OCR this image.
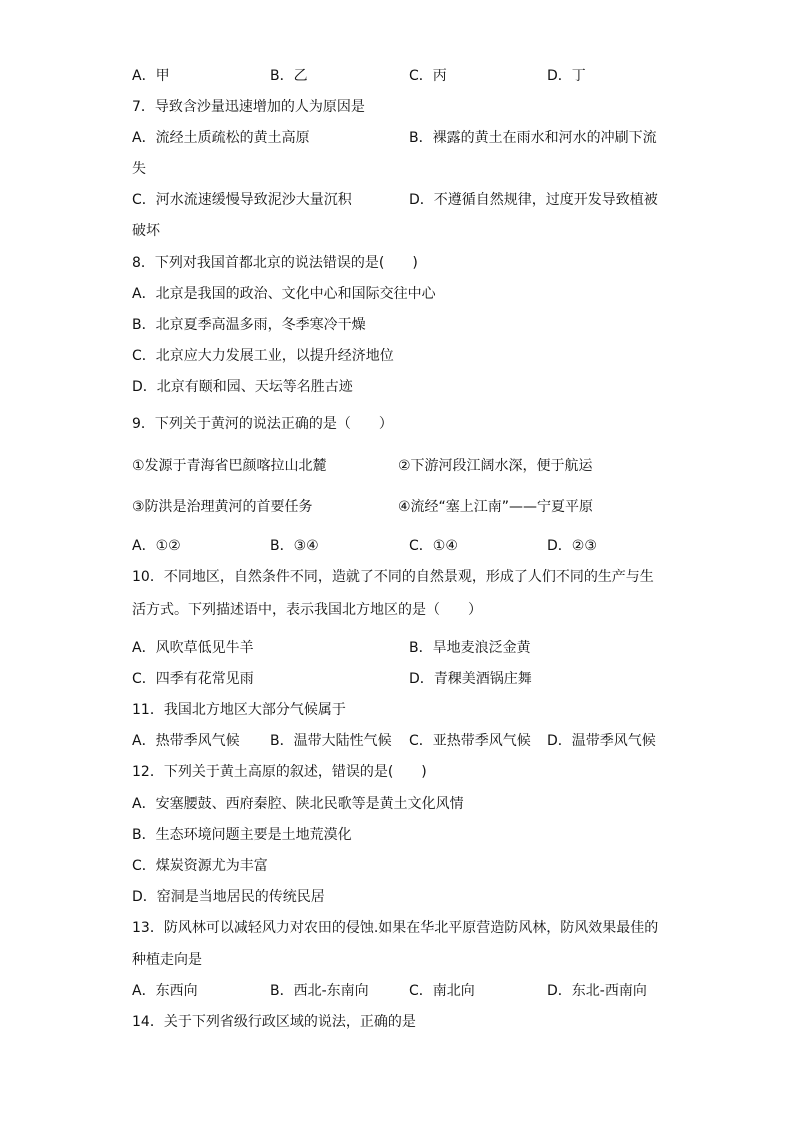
A．甲	B．乙	C．丙	D．丁
7．导致含沙量迅速增加的人为原因是
A．流经土质疏松的黄土高原	B．裸露的黄土在雨水和河水的冲刷下流
失
C．河水流速缓慢导致泥沙大量沉积	D．不遵循自然规律，过度开发导致植被
破坏
8．下列对我国首都北京的说法错误的是(　　)
A．北京是我国的政治、文化中心和国际交往中心
B．北京夏季高温多雨，冬季寒冷干燥
C．北京应大力发展工业，以提升经济地位
D．北京有颐和园、天坛等名胜古迹
9．下列关于黄河的说法正确的是（　　）
①发源于青海省巴颜喀拉山北麓	②下游河段江阔水深，便于航运
③防洪是治理黄河的首要任务	④流经“塞上江南”——宁夏平原
A．①②	B．③④	C．①④	D．②③
10．不同地区，自然条件不同，造就了不同的自然景观，形成了人们不同的生产与生
活方式。下列描述语中，表示我国北方地区的是（　　）
A．风吹草低见牛羊	B．旱地麦浪泛金黄
C．四季有花常见雨	D．青稞美酒锅庄舞
11．我国北方地区大部分气候属于
A．热带季风气候 B．温带大陆性气候 C．亚热带季风气候 D．温带季风气候
12．下列关于黄土高原的叙述，错误的是(　　)
A．安塞腰鼓、西府秦腔、陕北民歌等是黄土文化风情
B．生态环境问题主要是土地荒漠化
C．煤炭资源尤为丰富
D．窑洞是当地居民的传统民居
13．防风林可以减轻风力对农田的侵蚀.如果在华北平原营造防风林，防风效果最佳的
种植走向是
A．东西向	B．西北-东南向	C．南北向	D．东北-西南向
14．关于下列省级行政区域的说法，正确的是
